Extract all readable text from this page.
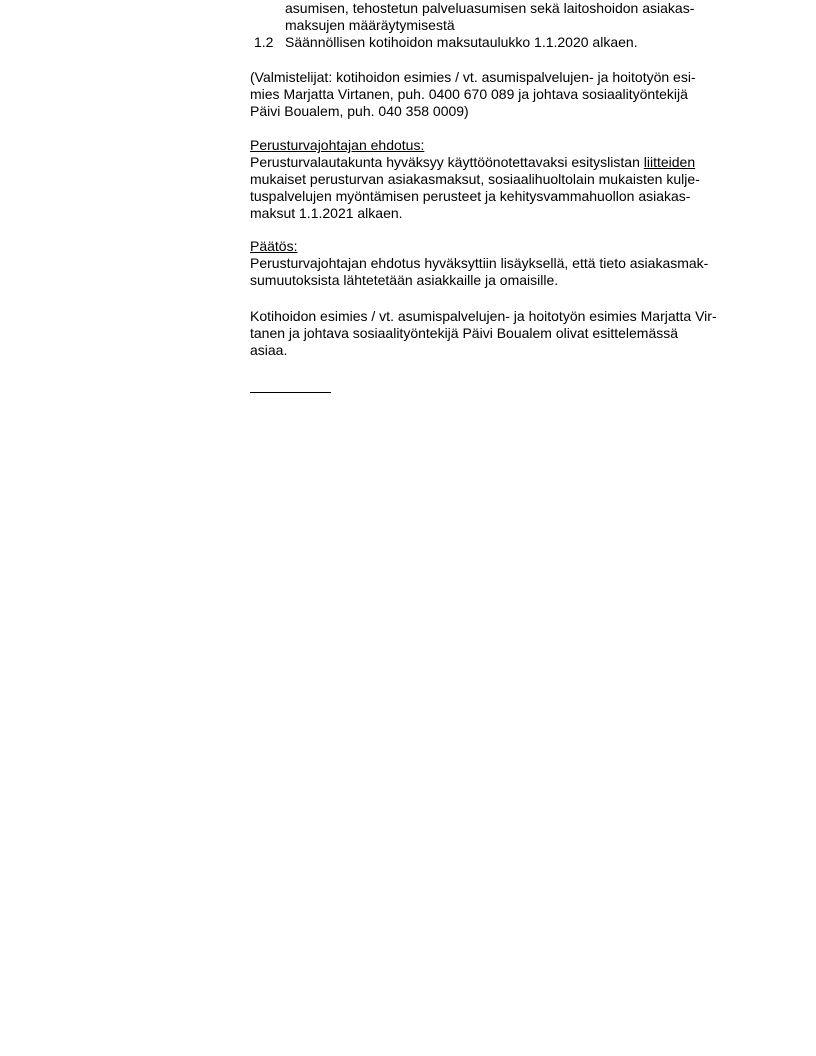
asumisen, tehostetun palveluasumisen sekä laitoshoidon asiakas-
maksujen määräytymisestä
1.2 Säännöllisen kotihoidon maksutaulukko 1.1.2020 alkaen.
(Valmistelijat: kotihoidon esimies / vt. asumispalvelujen- ja hoitotyön esi-
mies Marjatta Virtanen, puh. 0400 670 089 ja johtava sosiaalityöntekijä
Päivi Boualem, puh. 040 358 0009)
Perusturvajohtajan ehdotus:
Perusturvalautakunta hyväksyy käyttöönotettavaksi esityslistan liitteiden
mukaiset perusturvan asiakasmaksut, sosiaalihuoltolain mukaisten kulje-
tuspalvelujen myöntämisen perusteet ja kehitysvammahuollon asiakas-
maksut 1.1.2021 alkaen.
Päätös:
Perusturvajohtajan ehdotus hyväksyttiin lisäyksellä, että tieto asiakasmak-
sumuutoksista lähtetetään asiakkaille ja omaisille.
Kotihoidon esimies / vt. asumispalvelujen- ja hoitotyön esimies Marjatta Vir-
tanen ja johtava sosiaalityöntekijä Päivi Boualem olivat esittelemässä
asiaa.
